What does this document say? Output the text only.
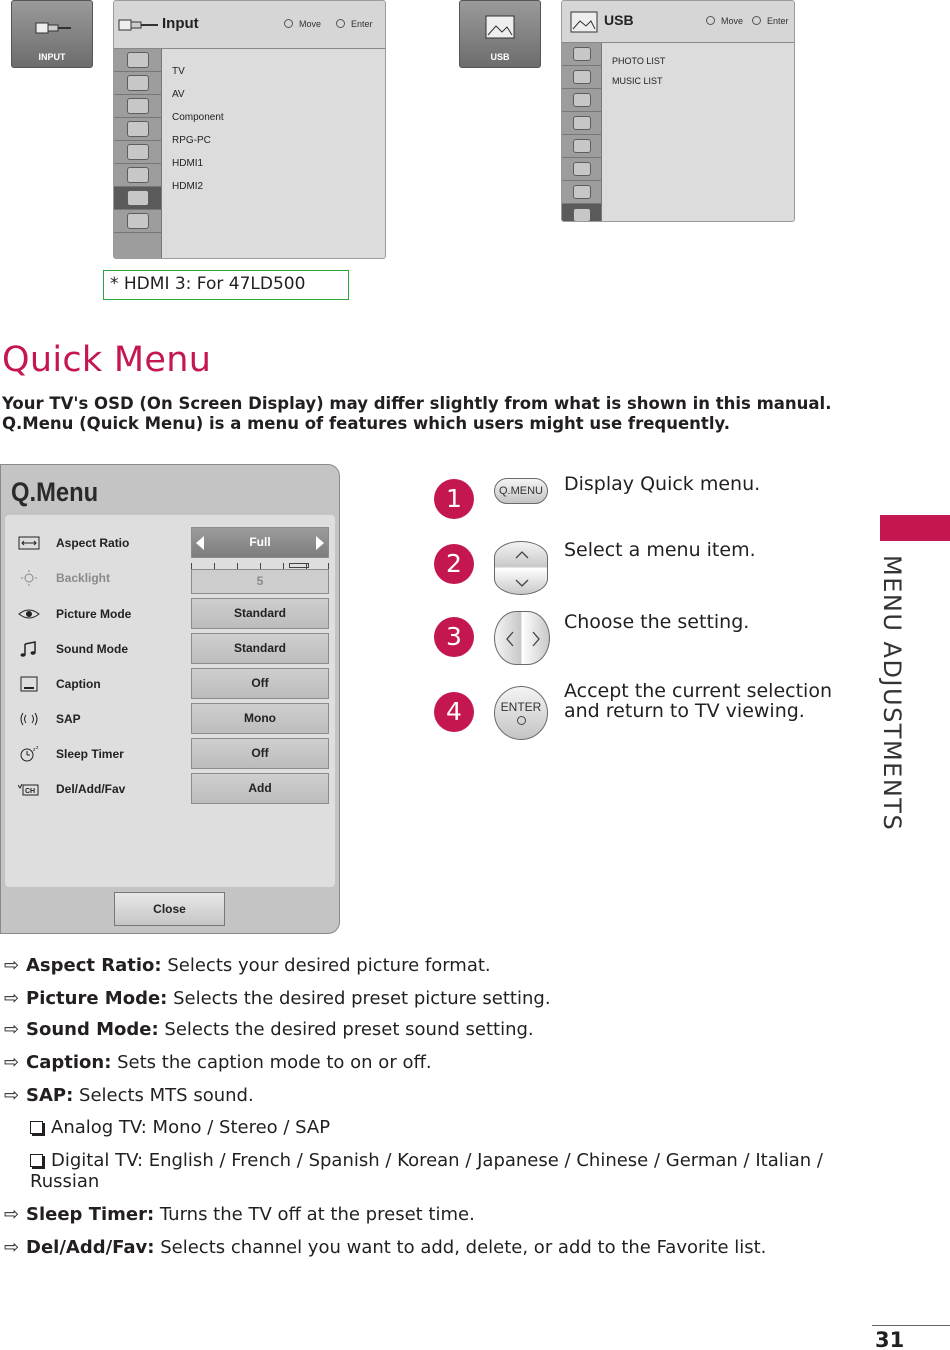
INPUT
Input	Move	Enter
TV
AV
Component
RPG-PC
HDMI1
HDMI2
USB
USB	Move	Enter
PHOTO LIST
MUSIC LIST
* HDMI 3: For 47LD500
Quick Menu
Your TV's OSD (On Screen Display) may differ slightly from what is shown in this manual. Q.Menu (Quick Menu) is a menu of features which users might use frequently.
MENU ADJUSTMENTS
Q.Menu
Aspect Ratio	Full
Backlight	5
Picture Mode	Standard
Sound Mode	Standard
Caption	Off
SAP	Mono
z z Sleep Timer	Off
CH Del/Add/Fav	Add
Close
1	Q.MENU Display Quick menu.
2	Select a menu item.
3	Choose the setting.
4	ENTER
Accept the current selection and return to TV viewing.
⇨ Aspect Ratio: Selects your desired picture format.
⇨ Picture Mode: Selects the desired preset picture setting.
⇨ Sound Mode: Selects the desired preset sound setting.
⇨ Caption: Sets the caption mode to on or off.
⇨ SAP: Selects MTS sound.
Analog TV: Mono / Stereo / SAP
Digital TV: English / French / Spanish / Korean / Japanese / Chinese / German / Italian / Russian
⇨ Sleep Timer: Turns the TV off at the preset time.
⇨ Del/Add/Fav: Selects channel you want to add, delete, or add to the Favorite list.
31
